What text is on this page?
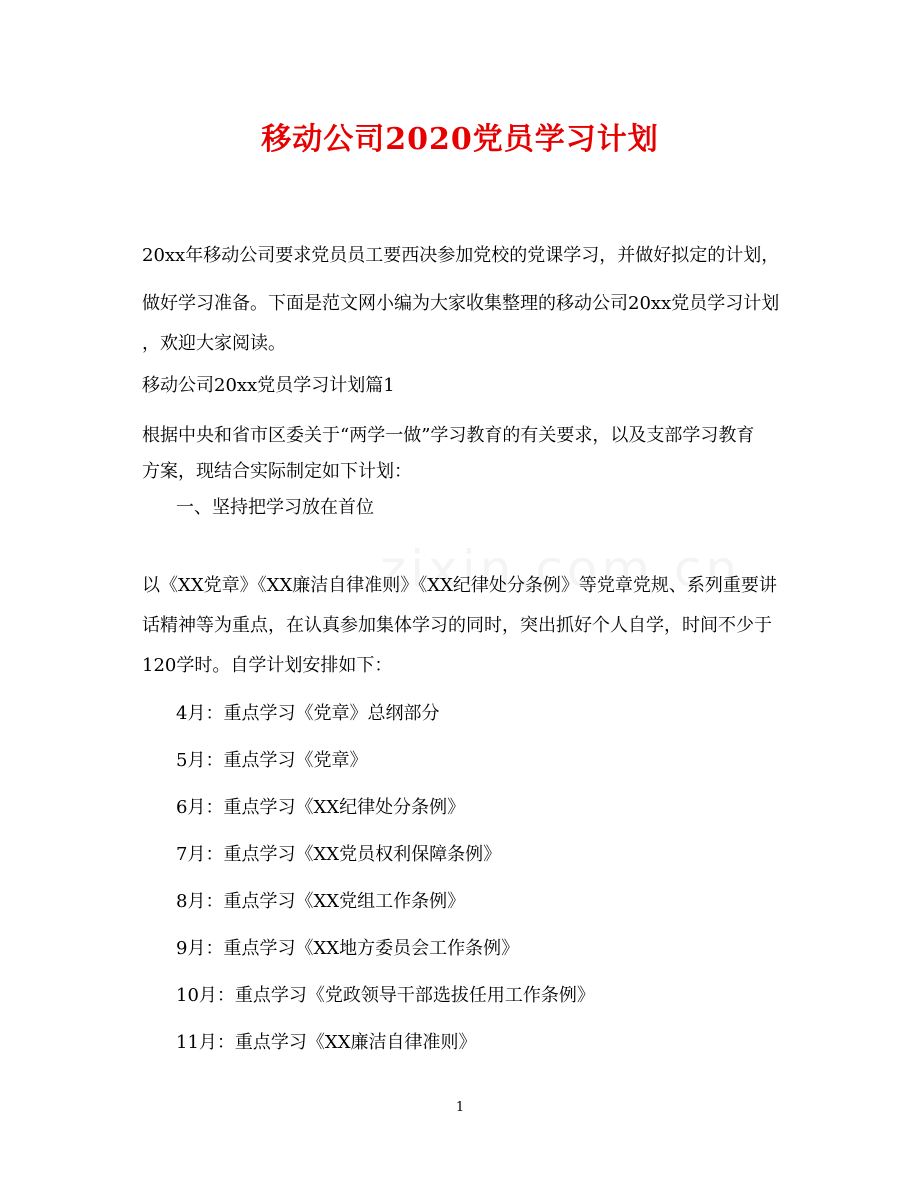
移动公司2020党员学习计划
20xx年移动公司要求党员员工要西决参加党校的党课学习，并做好拟定的计划，
做好学习准备。下面是范文网小编为大家收集整理的移动公司20xx党员学习计划
，欢迎大家阅读。
移动公司20xx党员学习计划篇1
根据中央和省市区委关于“两学一做”学习教育的有关要求，以及支部学习教育
方案，现结合实际制定如下计划：
一、坚持把学习放在首位
以《XX党章》《XX廉洁自律准则》《XX纪律处分条例》等党章党规、系列重要讲
话精神等为重点，在认真参加集体学习的同时，突出抓好个人自学，时间不少于
120学时。自学计划安排如下：
4月：重点学习《党章》总纲部分
5月：重点学习《党章》
6月：重点学习《XX纪律处分条例》
7月：重点学习《XX党员权利保障条例》
8月：重点学习《XX党组工作条例》
9月：重点学习《XX地方委员会工作条例》
10月：重点学习《党政领导干部选拔任用工作条例》
11月：重点学习《XX廉洁自律准则》
1
